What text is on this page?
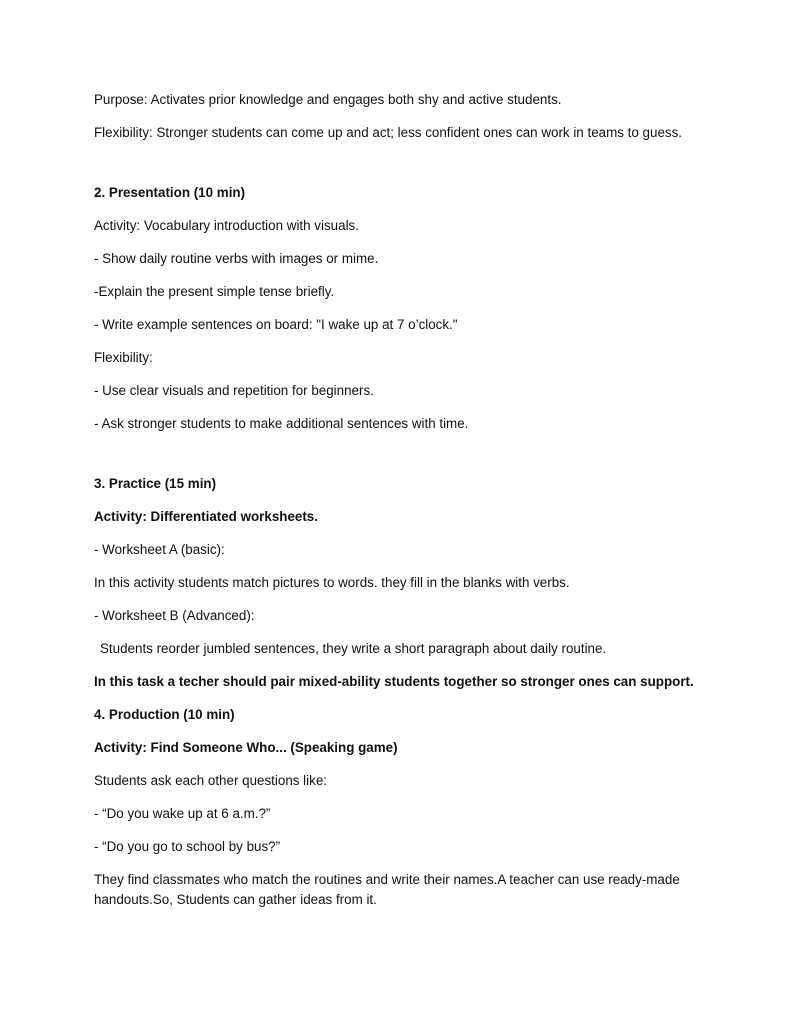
Purpose: Activates prior knowledge and engages both shy and active students.

Flexibility: Stronger students can come up and act; less confident ones can work in teams to guess.

2. Presentation (10 min)

Activity: Vocabulary introduction with visuals.

- Show daily routine verbs with images or mime.

-Explain the present simple tense briefly.

- Write example sentences on board: "I wake up at 7 o’clock."

Flexibility:

- Use clear visuals and repetition for beginners.

- Ask stronger students to make additional sentences with time.

3. Practice (15 min)

Activity: Differentiated worksheets.

- Worksheet A (basic):

In this activity students match pictures to words. they fill in the blanks with verbs.

- Worksheet B (Advanced):

Students reorder jumbled sentences, they write a short paragraph about daily routine.

In this task a techer should pair mixed-ability students together so stronger ones can support.

4. Production (10 min)

Activity: Find Someone Who... (Speaking game)

Students ask each other questions like:

- “Do you wake up at 6 a.m.?”

- “Do you go to school by bus?”

They find classmates who match the routines and write their names.A teacher can use ready-made handouts.So, Students can gather ideas from it.
